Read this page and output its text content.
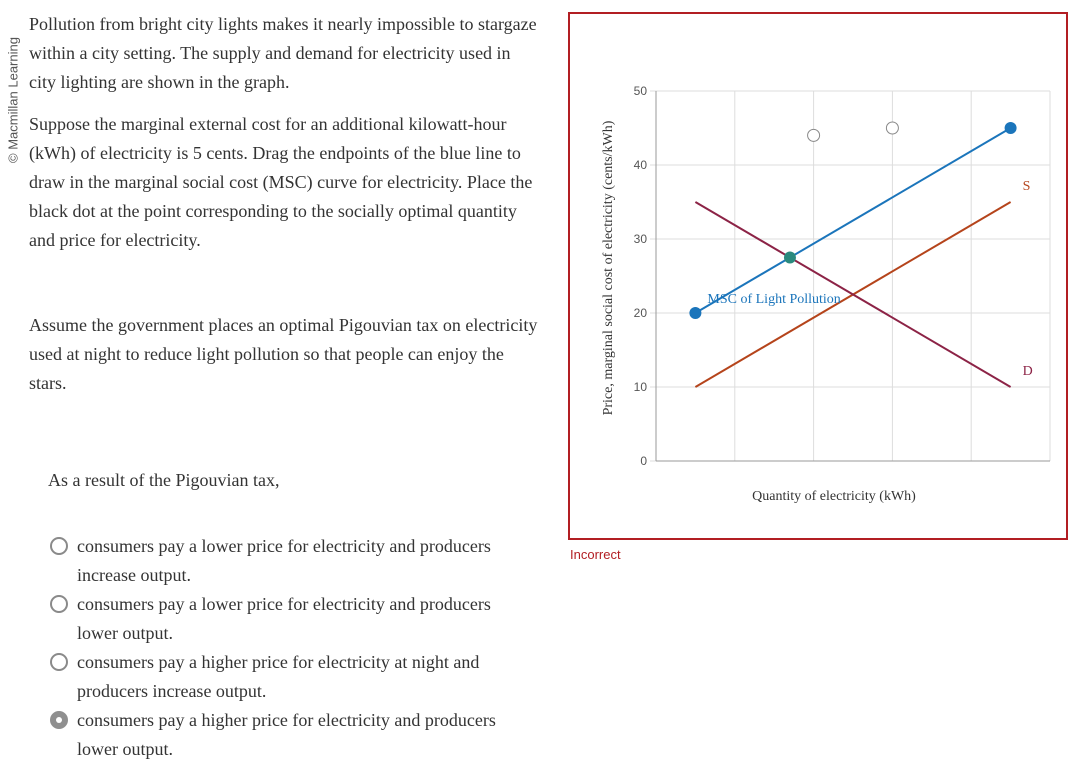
© Macmillan Learning

Pollution from bright city lights makes it nearly impossible to stargaze within a city setting. The supply and demand for electricity used in city lighting are shown in the graph.

Suppose the marginal external cost for an additional kilowatt-hour (kWh) of electricity is 5 cents. Drag the endpoints of the blue line to draw in the marginal social cost (MSC) curve for electricity. Place the black dot at the point corresponding to the socially optimal quantity and price for electricity.

Assume the government places an optimal Pigouvian tax on electricity used at night to reduce light pollution so that people can enjoy the stars.

As a result of the Pigouvian tax,
consumers pay a lower price for electricity and producers increase output.
consumers pay a lower price for electricity and producers lower output.
consumers pay a higher price for electricity at night and producers increase output.
consumers pay a higher price for electricity and producers lower output.
0
10
20
30
40
50
Price, marginal social cost of electricity (cents/kWh)
Quantity of electricity (kWh)
MSC of Light Pollution
S
D
Incorrect
